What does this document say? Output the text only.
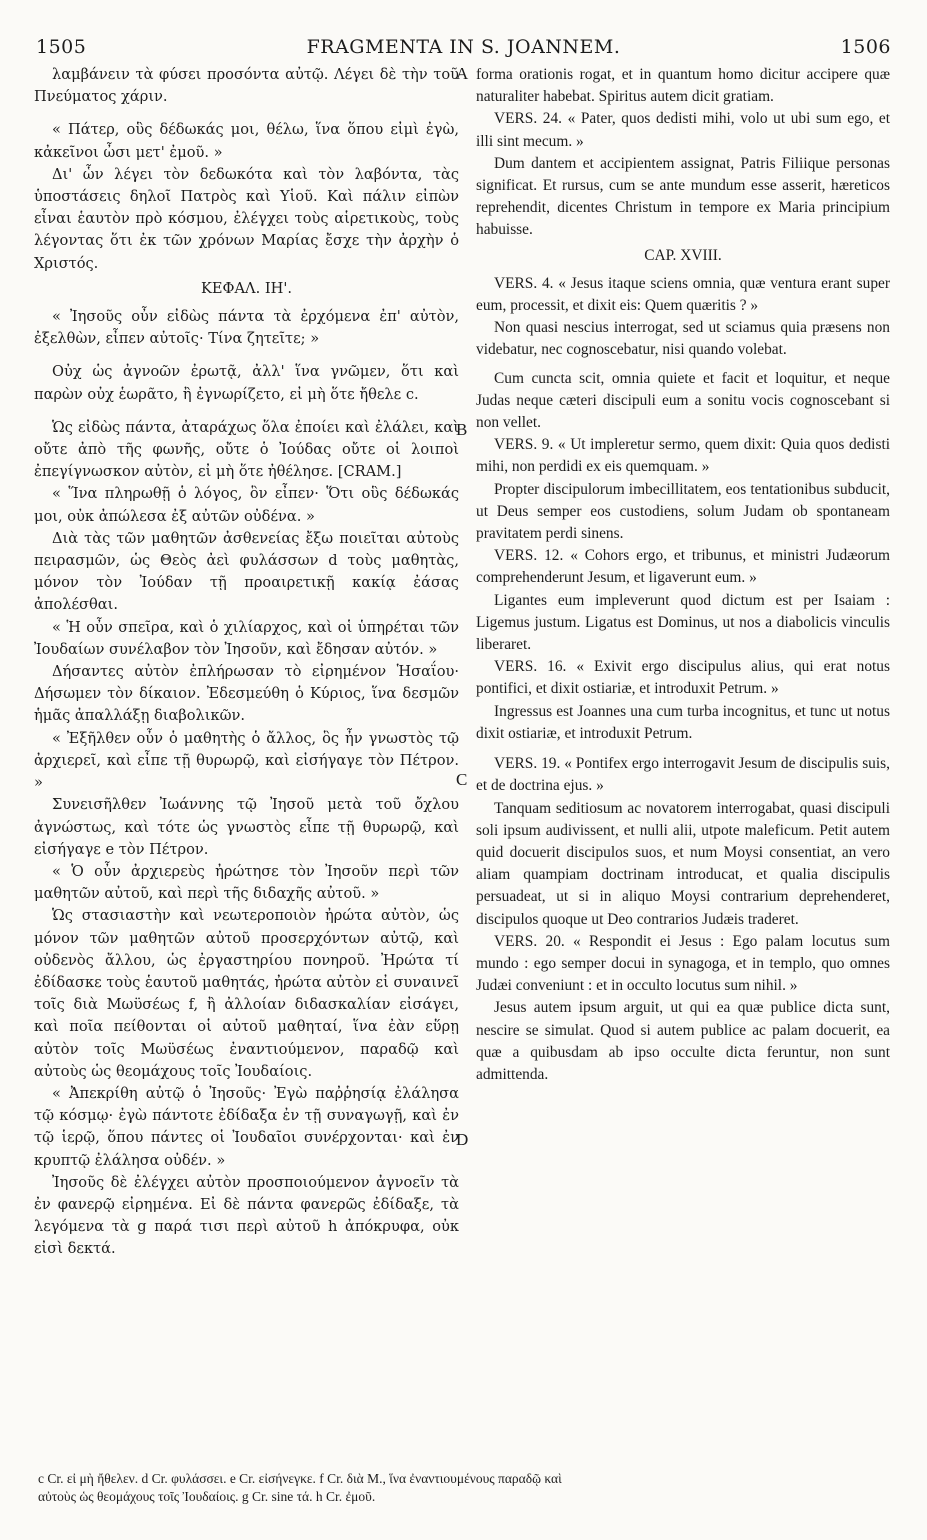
1505	FRAGMENTA IN S. JOANNEM.	1506

λαμβάνειν τὰ φύσει προσόντα αὐτῷ. Λέγει δὲ τὴν τοῦ Πνεύματος χάριν.

« Πάτερ, οὓς δέδωκάς μοι, θέλω, ἵνα ὅπου εἰμὶ ἐγὼ, κἀκεῖνοι ὦσι μετ' ἐμοῦ. »

Δι' ὧν λέγει τὸν δεδωκότα καὶ τὸν λαβόντα, τὰς ὑποστάσεις δηλοῖ Πατρὸς καὶ Υἱοῦ. Καὶ πάλιν εἰπὼν εἶναι ἑαυτὸν πρὸ κόσμου, ἐλέγχει τοὺς αἱρετικοὺς, τοὺς λέγοντας ὅτι ἐκ τῶν χρόνων Μαρίας ἔσχε τὴν ἀρχὴν ὁ Χριστός.

ΚΕΦΑΛ. ΙΗ'.

« Ἰησοῦς οὖν εἰδὼς πάντα τὰ ἐρχόμενα ἐπ' αὐτὸν, ἐξελθὼν, εἶπεν αὐτοῖς· Τίνα ζητεῖτε; »

Οὐχ ὡς ἀγνοῶν ἐρωτᾷ, ἀλλ' ἵνα γνῶμεν, ὅτι καὶ παρὼν οὐχ ἑωρᾶτο, ἢ ἐγνωρίζετο, εἰ μὴ ὅτε ἤθελε c.

Ὡς εἰδὼς πάντα, ἀταράχως ὅλα ἐποίει καὶ ἐλάλει, καὶ οὔτε ἀπὸ τῆς φωνῆς, οὔτε ὁ Ἰούδας οὔτε οἱ λοιποὶ ἐπεγίγνωσκον αὐτὸν, εἰ μὴ ὅτε ἠθέλησε. [CRAM.]

« Ἵνα πληρωθῇ ὁ λόγος, ὃν εἶπεν· Ὅτι οὓς δέδωκάς μοι, οὐκ ἀπώλεσα ἐξ αὐτῶν οὐδένα. »

Διὰ τὰς τῶν μαθητῶν ἀσθενείας ἔξω ποιεῖται αὐτοὺς πειρασμῶν, ὡς Θεὸς ἀεὶ φυλάσσων d τοὺς μαθητὰς, μόνον τὸν Ἰούδαν τῇ προαιρετικῇ κακίᾳ ἐάσας ἀπολέσθαι.

« Ἡ οὖν σπεῖρα, καὶ ὁ χιλίαρχος, καὶ οἱ ὑπηρέται τῶν Ἰουδαίων συνέλαβον τὸν Ἰησοῦν, καὶ ἔδησαν αὐτόν. »

Δήσαντες αὐτὸν ἐπλήρωσαν τὸ εἰρημένον Ἡσαΐου· Δήσωμεν τὸν δίκαιον. Ἐδεσμεύθη ὁ Κύριος, ἵνα δεσμῶν ἡμᾶς ἀπαλλάξῃ διαβολικῶν.

« Ἐξῆλθεν οὖν ὁ μαθητὴς ὁ ἄλλος, ὃς ἦν γνωστὸς τῷ ἀρχιερεῖ, καὶ εἶπε τῇ θυρωρῷ, καὶ εἰσήγαγε τὸν Πέτρον. »

Συνεισῆλθεν Ἰωάννης τῷ Ἰησοῦ μετὰ τοῦ ὄχλου ἀγνώστως, καὶ τότε ὡς γνωστὸς εἶπε τῇ θυρωρῷ, καὶ εἰσήγαγε e τὸν Πέτρον.

« Ὁ οὖν ἀρχιερεὺς ἠρώτησε τὸν Ἰησοῦν περὶ τῶν μαθητῶν αὐτοῦ, καὶ περὶ τῆς διδαχῆς αὐτοῦ. »

Ὡς στασιαστὴν καὶ νεωτεροποιὸν ἠρώτα αὐτὸν, ὡς μόνον τῶν μαθητῶν αὐτοῦ προσερχόντων αὐτῷ, καὶ οὐδενὸς ἄλλου, ὡς ἐργαστηρίου πονηροῦ. Ἠρώτα τί ἐδίδασκε τοὺς ἑαυτοῦ μαθητάς, ἠρώτα αὐτὸν εἰ συναινεῖ τοῖς διὰ Μωϋσέως f, ἢ ἀλλοίαν διδασκαλίαν εἰσάγει, καὶ ποῖα πείθονται οἱ αὐτοῦ μαθηταί, ἵνα ἐὰν εὕρῃ αὐτὸν τοῖς Μωϋσέως ἐναντιούμενον, παραδῷ καὶ αὐτοὺς ὡς θεομάχους τοῖς Ἰουδαίοις.

« Ἀπεκρίθη αὐτῷ ὁ Ἰησοῦς· Ἐγὼ παῤῥησίᾳ ἐλάλησα τῷ κόσμῳ· ἐγὼ πάντοτε ἐδίδαξα ἐν τῇ συναγωγῇ, καὶ ἐν τῷ ἱερῷ, ὅπου πάντες οἱ Ἰουδαῖοι συνέρχονται· καὶ ἐν κρυπτῷ ἐλάλησα οὐδέν. »

Ἰησοῦς δὲ ἐλέγχει αὐτὸν προσποιούμενον ἀγνοεῖν τὰ ἐν φανερῷ εἰρημένα. Εἰ δὲ πάντα φανερῶς ἐδίδαξε, τὰ λεγόμενα τὰ g παρά τισι περὶ αὐτοῦ h ἀπόκρυφα, οὐκ εἰσὶ δεκτά.

A
B
C
D

forma orationis rogat, et in quantum homo dicitur accipere quæ naturaliter habebat. Spiritus autem dicit gratiam.

VERS. 24. « Pater, quos dedisti mihi, volo ut ubi sum ego, et illi sint mecum. »

Dum dantem et accipientem assignat, Patris Filiique personas significat. Et rursus, cum se ante mundum esse asserit, hæreticos reprehendit, dicentes Christum in tempore ex Maria principium habuisse.

CAP. XVIII.

VERS. 4. « Jesus itaque sciens omnia, quæ ventura erant super eum, processit, et dixit eis: Quem quæritis ? »

Non quasi nescius interrogat, sed ut sciamus quia præsens non videbatur, nec cognoscebatur, nisi quando volebat.

Cum cuncta scit, omnia quiete et facit et loquitur, et neque Judas neque cæteri discipuli eum a sonitu vocis cognoscebant si non vellet.

VERS. 9. « Ut impleretur sermo, quem dixit: Quia quos dedisti mihi, non perdidi ex eis quemquam. »

Propter discipulorum imbecillitatem, eos tentationibus subducit, ut Deus semper eos custodiens, solum Judam ob spontaneam pravitatem perdi sinens.

VERS. 12. « Cohors ergo, et tribunus, et ministri Judæorum comprehenderunt Jesum, et ligaverunt eum. »

Ligantes eum impleverunt quod dictum est per Isaiam : Ligemus justum. Ligatus est Dominus, ut nos a diabolicis vinculis liberaret.

VERS. 16. « Exivit ergo discipulus alius, qui erat notus pontifici, et dixit ostiariæ, et introduxit Petrum. »

Ingressus est Joannes una cum turba incognitus, et tunc ut notus dixit ostiariæ, et introduxit Petrum.

VERS. 19. « Pontifex ergo interrogavit Jesum de discipulis suis, et de doctrina ejus. »

Tanquam seditiosum ac novatorem interrogabat, quasi discipuli soli ipsum audivissent, et nulli alii, utpote maleficum. Petit autem quid docuerit discipulos suos, et num Moysi consentiat, an vero aliam quampiam doctrinam introducat, et qualia discipulis persuadeat, ut si in aliquo Moysi contrarium deprehenderet, discipulos quoque ut Deo contrarios Judæis traderet.

VERS. 20. « Respondit ei Jesus : Ego palam locutus sum mundo : ego semper docui in synagoga, et in templo, quo omnes Judæi conveniunt : et in occulto locutus sum nihil. »

Jesus autem ipsum arguit, ut qui ea quæ publice dicta sunt, nescire se simulat. Quod si autem publice ac palam docuerit, ea quæ a quibusdam ab ipso occulte dicta feruntur, non sunt admittenda.

c Cr. εἰ μὴ ἤθελεν. d Cr. φυλάσσει. e Cr. εἰσήνεγκε. f Cr. διὰ Μ., ἵνα ἐναντιουμένους παραδῷ καὶ
αὐτοὺς ὡς θεομάχους τοῖς Ἰουδαίοις. g Cr. sine τά. h Cr. ἐμοῦ.
